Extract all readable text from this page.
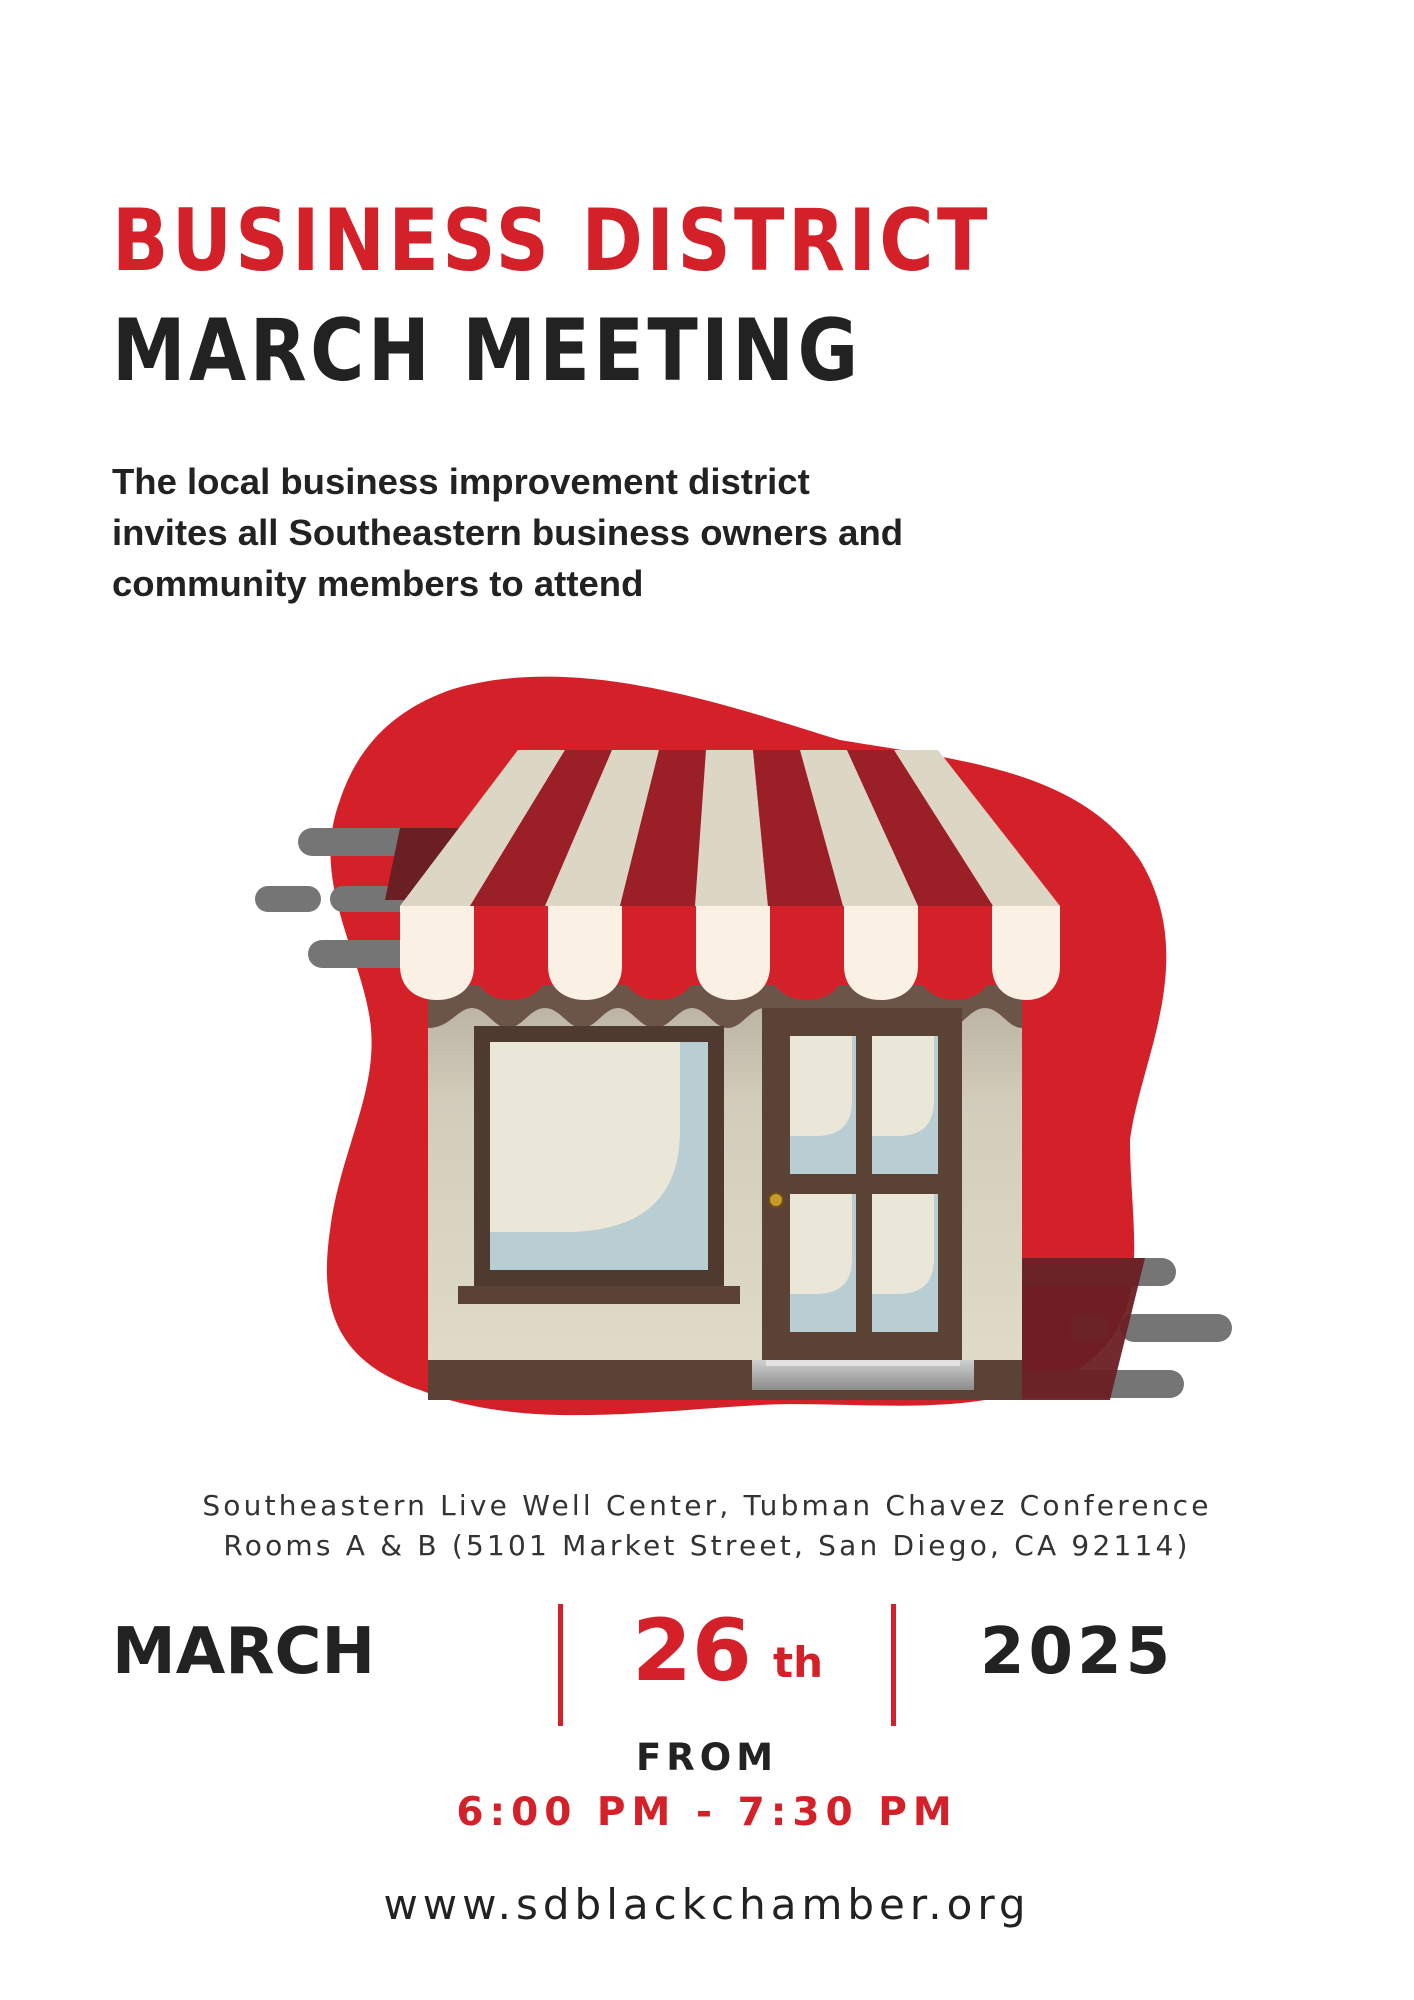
BUSINESS DISTRICT
MARCH MEETING
The local business improvement district
invites all Southeastern business owners and
community members to attend
Southeastern Live Well Center, Tubman Chavez Conference
Rooms A & B (5101 Market Street, San Diego, CA 92114)
MARCH	26 th 2025
FROM
6:00 PM - 7:30 PM
www.sdblackchamber.org
